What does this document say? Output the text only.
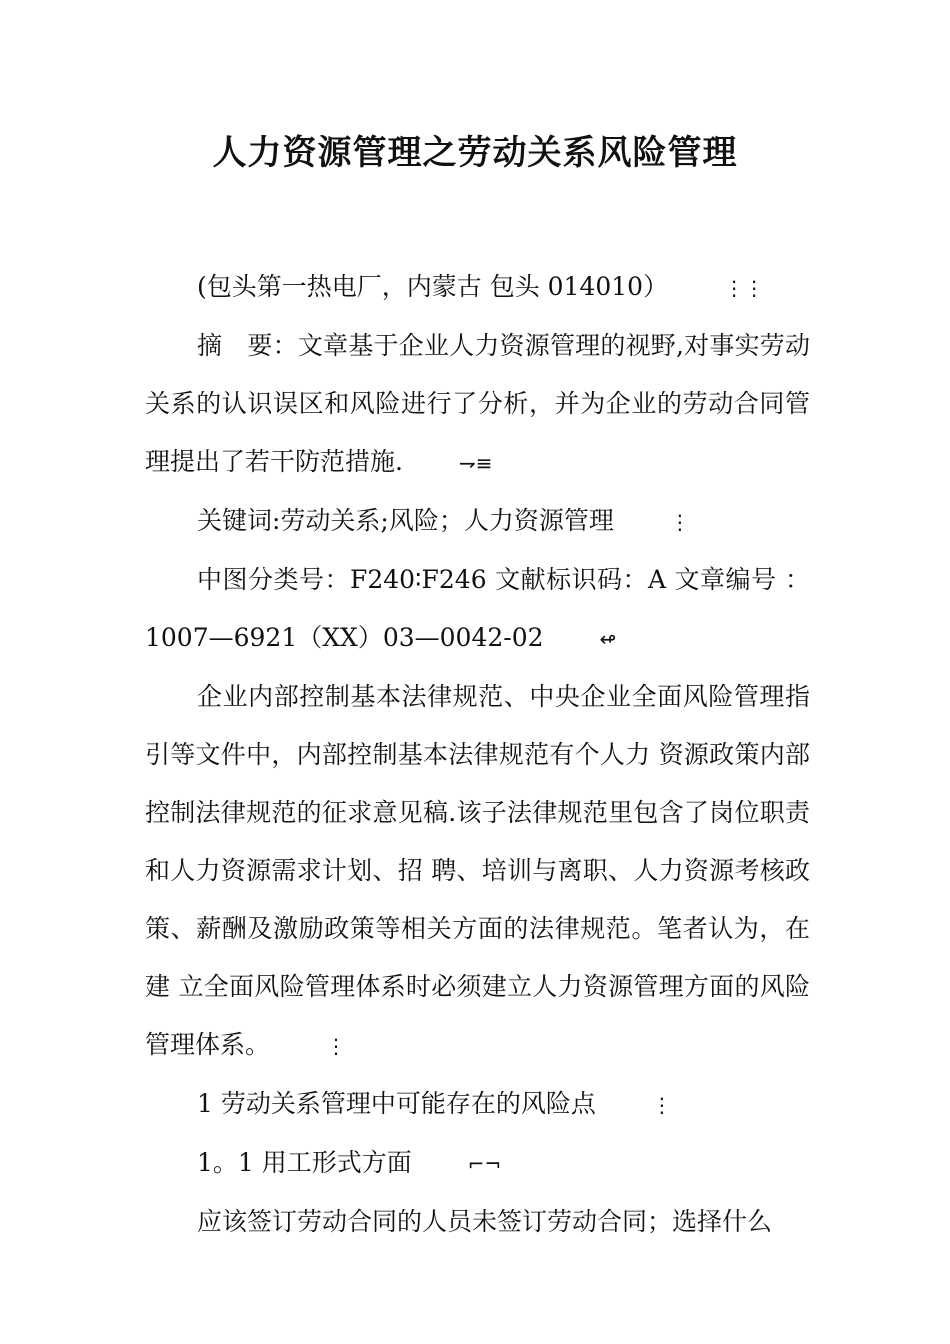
人力资源管理之劳动关系风险管理

(包头第一热电厂，内蒙古 包头 014010）	⋮⋮

摘　要：文章基于企业人力资源管理的视野,对事实劳动 关系的认识误区和风险进行了分析，并为企业的劳动合同管理提出了若干防范措施.	⇁≡

关键词:劳动关系;风险；人力资源管理	⋮

中图分类号：F240∶F246 文献标识码：A 文章编号 ：1007—6921（XX）03—0042-02	↫

企业内部控制基本法律规范、中央企业全面风险管理指引等文件中，内部控制基本法律规范有个人力 资源政策内部控制法律规范的征求意见稿.该子法律规范里包含了岗位职责和人力资源需求计划、招 聘、培训与离职、人力资源考核政策、薪酬及激励政策等相关方面的法律规范。笔者认为，在建 立全面风险管理体系时必须建立人力资源管理方面的风险管理体系。	⋮

1 劳动关系管理中可能存在的风险点	⋮

1。1 用工形式方面	⌐¬

应该签订劳动合同的人员未签订劳动合同；选择什么
